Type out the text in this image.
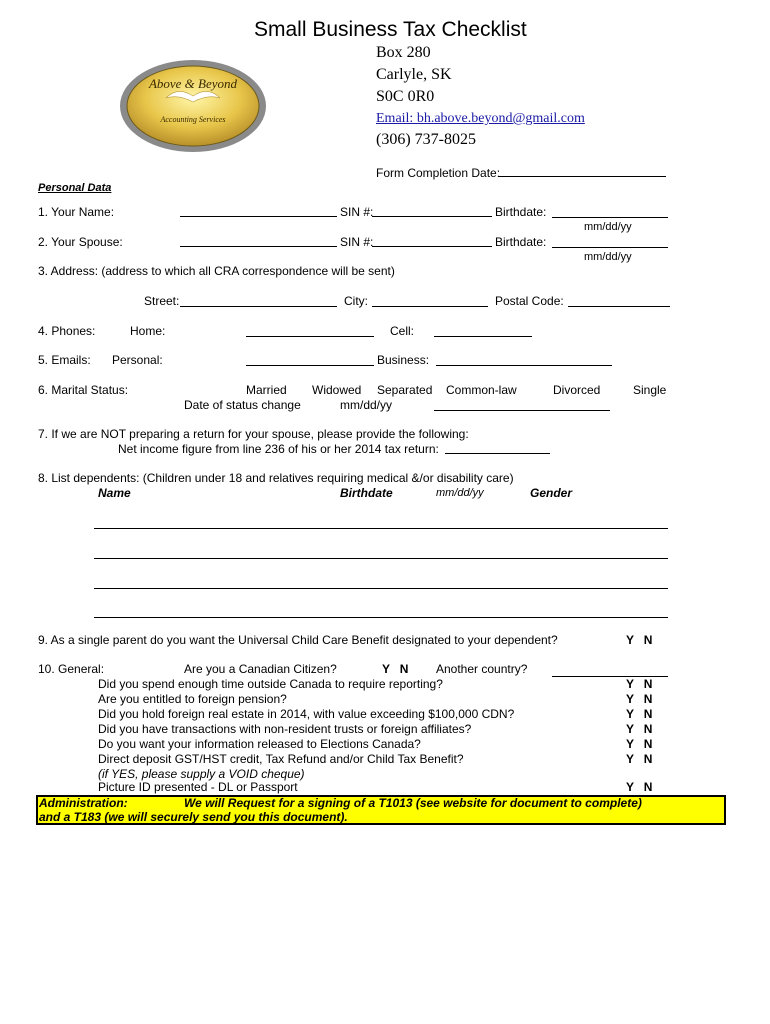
Small Business Tax Checklist
Above & Beyond
Accounting Services
Box 280
Carlyle, SK
S0C 0R0
Email: bh.above.beyond@gmail.com
(306) 737-8025
Form Completion Date:
Personal Data
1. Your Name:	SIN #:	Birthdate:
mm/dd/yy
2. Your Spouse:	SIN #:	Birthdate:
mm/dd/yy
3. Address: (address to which all CRA correspondence will be sent)
Street:	City:	Postal Code:
4. Phones:	Home:	Cell:
5. Emails: Personal:	Business:
6. Marital Status:	Married Widowed Separated Common-law	Divorced	Single
Date of status change	mm/dd/yy
7. If we are NOT preparing a return for your spouse, please provide the following:
Net income figure from line 236 of his or her 2014 tax return:
8. List dependents: (Children under 18 and relatives requiring medical &/or disability care)
Name	Birthdate	mm/dd/yy	Gender
9. As a single parent do you want the Universal Child Care Benefit designated to your dependent?	Y   N
10. General:	Are you a Canadian Citizen?	Y   N Another country?
Did you spend enough time outside Canada to require reporting?	Y   N
Are you entitled to foreign pension?	Y   N
Did you hold foreign real estate in 2014, with value exceeding $100,000 CDN?	Y   N
Did you have transactions with non-resident trusts or foreign affiliates?	Y   N
Do you want your information released to Elections Canada?	Y   N
Direct deposit GST/HST credit, Tax Refund and/or Child Tax Benefit?	Y   N
(if YES, please supply a VOID cheque)
Picture ID presented - DL or Passport	Y   N
Administration:	We will Request for a signing of a T1013 (see website for document to complete)
and a T183 (we will securely send you this document).
